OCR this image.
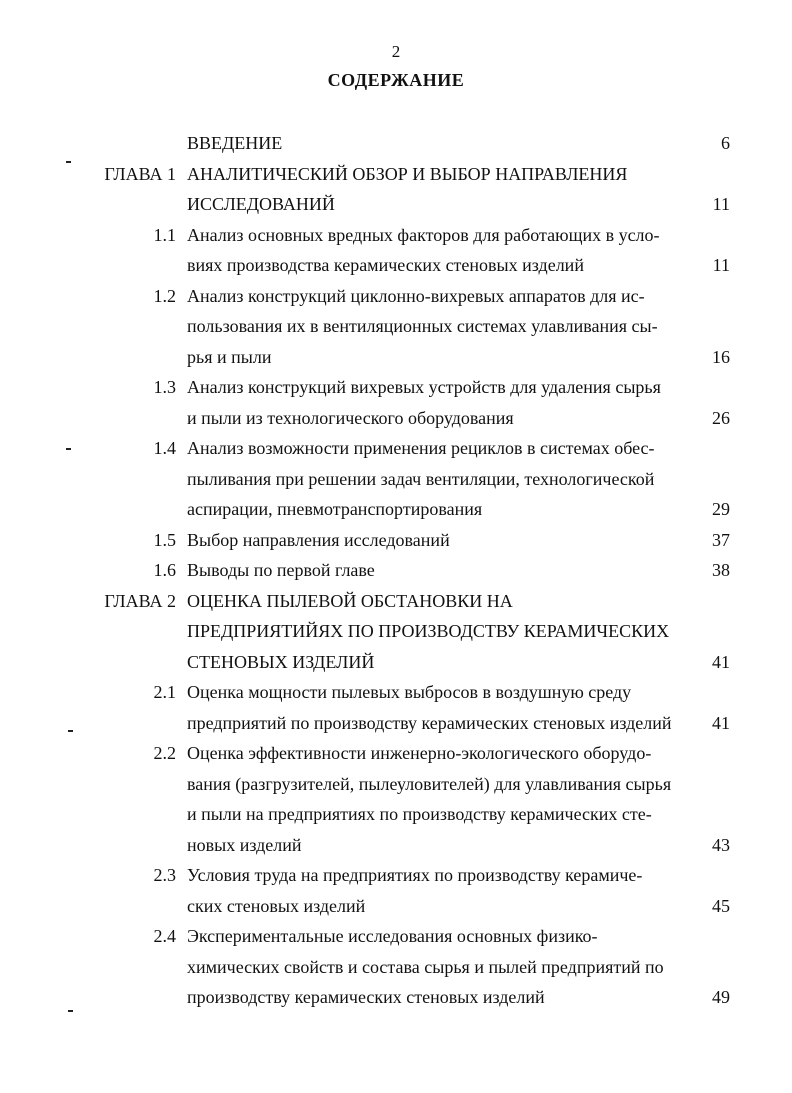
2
СОДЕРЖАНИЕ
ВВЕДЕНИЕ	6
ГЛАВА 1 АНАЛИТИЧЕСКИЙ ОБЗОР И ВЫБОР НАПРАВЛЕНИЯ
ИССЛЕДОВАНИЙ	11
1.1 Анализ основных вредных факторов для работающих в усло-
виях производства керамических стеновых изделий	11
1.2 Анализ конструкций циклонно-вихревых аппаратов для ис-
пользования их в вентиляционных системах улавливания сы-
рья и пыли	16
1.3 Анализ конструкций вихревых устройств для удаления сырья
и пыли из технологического оборудования	26
1.4 Анализ возможности применения рециклов в системах обес-
пыливания при решении задач вентиляции, технологической
аспирации, пневмотранспортирования	29
1.5 Выбор направления исследований	37
1.6 Выводы по первой главе	38
ГЛАВА 2 ОЦЕНКА ПЫЛЕВОЙ ОБСТАНОВКИ НА
ПРЕДПРИЯТИЙЯХ ПО ПРОИЗВОДСТВУ КЕРАМИЧЕСКИХ
СТЕНОВЫХ ИЗДЕЛИЙ	41
2.1 Оценка мощности пылевых выбросов в воздушную среду
предприятий по производству керамических стеновых изделий 41
2.2 Оценка эффективности инженерно-экологического оборудо-
вания (разгрузителей, пылеуловителей) для улавливания сырья
и пыли на предприятиях по производству керамических сте-
новых изделий	43
2.3 Условия труда на предприятиях по производству керамиче-
ских стеновых изделий	45
2.4 Экспериментальные исследования основных физико-
химических свойств и состава сырья и пылей предприятий по
производству керамических стеновых изделий	49
